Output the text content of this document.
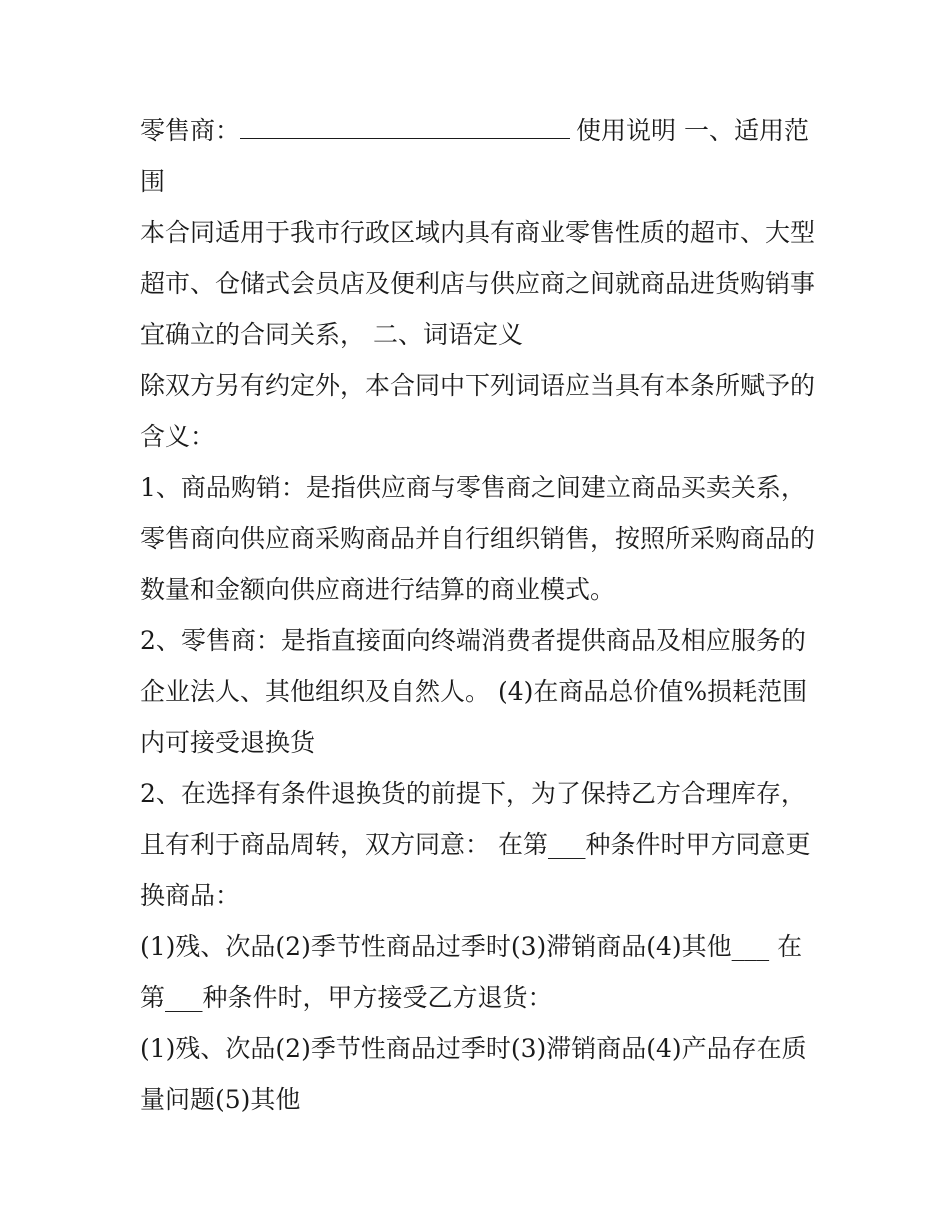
零售商：	使用说明 一、适用范围

本合同适用于我市行政区域内具有商业零售性质的超市、大型超市、仓储式会员店及便利店与供应商之间就商品进货购销事宜确立的合同关系， 二、词语定义

除双方另有约定外，本合同中下列词语应当具有本条所赋予的含义：

1、商品购销：是指供应商与零售商之间建立商品买卖关系，零售商向供应商采购商品并自行组织销售，按照所采购商品的数量和金额向供应商进行结算的商业模式。

2、零售商：是指直接面向终端消费者提供商品及相应服务的企业法人、其他组织及自然人。 (4)在商品总价值%损耗范围内可接受退换货

2、在选择有条件退换货的前提下，为了保持乙方合理库存，且有利于商品周转，双方同意： 在第___种条件时甲方同意更换商品：

(1)残、次品(2)季节性商品过季时(3)滞销商品(4)其他___ 在第___种条件时，甲方接受乙方退货：

(1)残、次品(2)季节性商品过季时(3)滞销商品(4)产品存在质量问题(5)其他
